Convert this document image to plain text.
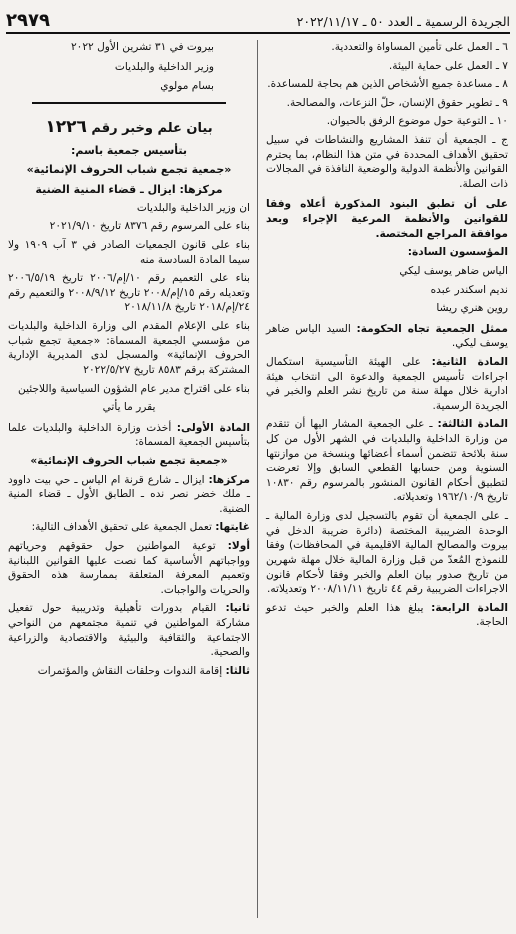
الجريدة الرسمية ـ العدد ٥٠ ـ ٢٠٢٢/١١/١٧
٢٩٧٩

٦ ـ العمل على تأمين المساواة والتعددية.

٧ ـ العمل على حماية البيئة.

٨ ـ مساعدة جميع الأشخاص الذين هم بحاجة للمساعدة.

٩ ـ تطوير حقوق الإنسان، حلّ النزعات، والمصالحة.

١٠ ـ التوعية حول موضوع الرفق بالحيوان.

ج ـ الجمعية أن تنفذ المشاريع والنشاطات في سبيل تحقيق الأهداف المحددة في متن هذا النظام، بما يحترم القوانين والأنظمة الدولية والوضعية النافذة في المجالات ذات الصلة.

على أن تطبق البنود المذكورة أعلاه وفقا للقوانين والأنظمة المرعية الإجراء وبعد موافقة المراجع المختصة.

المؤسسون السادة:

الياس ضاهر يوسف ليكي

نديم اسكندر عبده

روين هنري ريشا

ممثل الجمعية تجاه الحكومة: السيد الياس ضاهر يوسف ليكي.

المادة الثانية: على الهيئة التأسيسية استكمال اجراءات تأسيس الجمعية والدعوة الى انتخاب هيئة ادارية خلال مهلة سنة من تاريخ نشر العلم والخبر في الجريدة الرسمية.

المادة الثالثة: ـ على الجمعية المشار اليها أن تتقدم من وزارة الداخلية والبلديات في الشهر الأول من كل سنة بلائحة تتضمن أسماء أعضائها وبنسخة من موازنتها السنوية ومن حسابها القطعي السابق وإلا تعرضت لتطبيق أحكام القانون المنشور بالمرسوم رقم ١٠٨٣٠ تاريخ ١٩٦٢/١٠/٩ وتعديلاته.

ـ على الجمعية أن تقوم بالتسجيل لدى وزارة المالية ـ الوحدة الضريبية المختصة (دائرة ضريبة الدخل في بيروت والمصالح المالية الاقليمية في المحافظات) وفقا للنموذج المُعدّ من قبل وزارة المالية خلال مهلة شهرين من تاريخ صدور بيان العلم والخبر وفقا لأحكام قانون الاجراءات الضريبية رقم ٤٤ تاريخ ٢٠٠٨/١١/١١ وتعديلاته.

المادة الرابعة: يبلغ هذا العلم والخبر حيث تدعو الحاجة.

بيروت في ٣١ تشرين الأول ٢٠٢٢

وزير الداخلية والبلديات

بسام مولوي

بيان علم وخبر رقم ١٢٢٦

بتأسيس جمعية باسم:

«جمعية تجمع شباب الحروف الإنمائية»

مركزها: ايزال ـ قضاء المنية الضنية

ان وزير الداخلية والبلديات

بناء على المرسوم رقم ٨٣٧٦ تاريخ ٢٠٢١/٩/١٠

بناء على قانون الجمعيات الصادر في ٣ آب ١٩٠٩ ولا سيما المادة السادسة منه

بناء على التعميم رقم ١٠/إم/٢٠٠٦ تاريخ ٢٠٠٦/٥/١٩ وتعديله رقم ١٥/إم/٢٠٠٨ تاريخ ٢٠٠٨/٩/١٢ والتعميم رقم ٢٤/إم/٢٠١٨ تاريخ ٢٠١٨/١١/٨

بناء على الإعلام المقدم الى وزارة الداخلية والبلديات من مؤسسي الجمعية المسماة: «جمعية تجمع شباب الحروف الإنمائية» والمسجل لدى المديرية الإدارية المشتركة برقم ٨٥٨٣ تاريخ ٢٠٢٢/٥/٢٧

بناء على اقتراح مدير عام الشؤون السياسية واللاجئين

يقرر ما يأتي

المادة الأولى: أخذت وزارة الداخلية والبلديات علما بتأسيس الجمعية المسماة:

«جمعية تجمع شباب الحروف الإنمائية»

مركزها: ايزال ـ شارع قرنة ام الياس ـ حي بيت داوود ـ ملك خضر نصر نده ـ الطابق الأول ـ قضاء المنية الضنية.

غايتها: تعمل الجمعية على تحقيق الأهداف التالية:

أولا: توعية المواطنين حول حقوقهم وحرياتهم وواجباتهم الأساسية كما نصت عليها القوانين اللبنانية وتعميم المعرفة المتعلقة بممارسة هذه الحقوق والحريات والواجبات.

ثانيا: القيام بدورات تأهيلية وتدريبية حول تفعيل مشاركة المواطنين في تنمية مجتمعهم من النواحي الاجتماعية والثقافية والبيئية والاقتصادية والزراعية والصحية.

ثالثا: إقامة الندوات وحلقات النقاش والمؤتمرات
